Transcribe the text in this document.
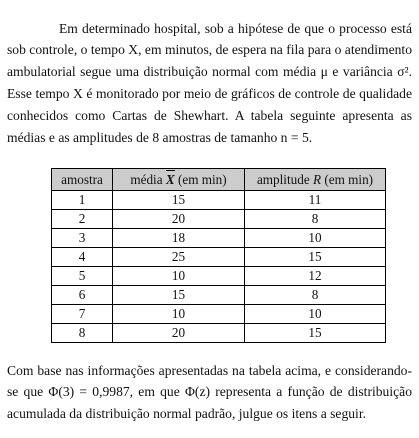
Em determinado hospital, sob a hipótese de que o processo está sob controle, o tempo X, em minutos, de espera na fila para o atendimento ambulatorial segue uma distribuição normal com média μ e variância σ². Esse tempo X é monitorado por meio de gráficos de controle de qualidade conhecidos como Cartas de Shewhart. A tabela seguinte apresenta as médias e as amplitudes de 8 amostras de tamanho n = 5.

amostra	média X (em min)	amplitude R (em min)
1	15	11
2	20	8
3	18	10
4	25	15
5	10	12
6	15	8
7	10	10
8	20	15

Com base nas informações apresentadas na tabela acima, e considerando-se que Φ(3) = 0,9987, em que Φ(z) representa a função de distribuição acumulada da distribuição normal padrão, julgue os itens a seguir.
